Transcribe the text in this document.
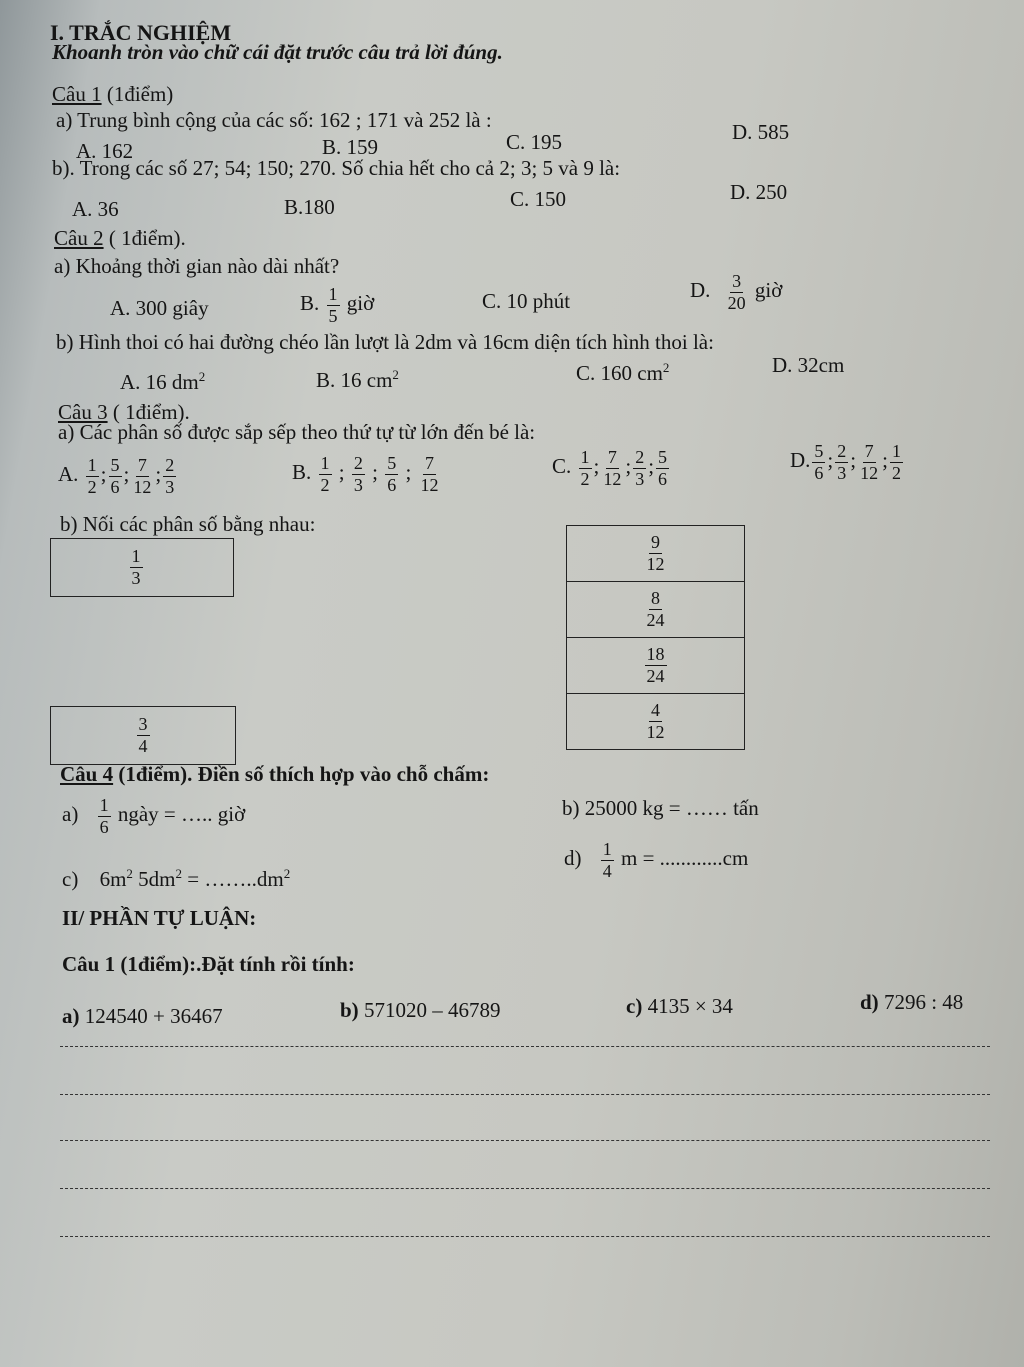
I. TRẮC NGHIỆM
Khoanh tròn vào chữ cái đặt trước câu trả lời đúng.
Câu 1 (1điểm)
a) Trung bình cộng của các số: 162 ; 171 và 252 là :
A. 162	B. 159	C. 195	D. 585
b). Trong các số 27; 54; 150; 270. Số chia hết cho cả 2; 3; 5 và 9 là:
A. 36	B.180	C. 150	D. 250
Câu 2 ( 1điểm).
a) Khoảng thời gian nào dài nhất?
A. 300 giây	B. $\frac{1}{5}$ giờ	C. 10 phút	D. $\frac{3}{20}$ giờ
b) Hình thoi có hai đường chéo lần lượt là 2dm và 16cm diện tích hình thoi là:
A. 16 $dm^2$	B. 16 $cm^2$	C. 160 $cm^2$	D. 32cm
Câu 3 ( 1điểm).
a) Các phân số được sắp sếp theo thứ tự từ lớn đến bé là:
A. $\frac{1}{2}$ ; $\frac{5}{6}$ ; $\frac{7}{12}$ ; $\frac{2}{3}$	B. $\frac{1}{2}$ ; $\frac{2}{3}$ ; $\frac{5}{6}$ ; $\frac{7}{12}$	C. $\frac{1}{2}$ ; $\frac{7}{12}$ ; $\frac{2}{3}$ ; $\frac{5}{6}$	D. $\frac{5}{6}$ ; $\frac{2}{3}$ ; $\frac{7}{12}$ ; $\frac{1}{2}$
b) Nối các phân số bằng nhau:
$\frac{1}{3}$
$\frac{3}{4}$
$\frac{9}{12}$
$\frac{8}{24}$
$\frac{18}{24}$
$\frac{4}{12}$
Câu 4 (1điểm). Điền số thích hợp vào chỗ chấm:
$a) \frac{1}{6}$ ngày = ….. giờ	b) 25000 kg = …… tấn
c) $6m^2$ $5dm^2$ = $\dots\dots..dm^2$
$d) \frac{1}{4}$ m = ............cm
II/ PHẦN TỰ LUẬN:
Câu 1 (1điểm):.Đặt tính rồi tính:
a) 124540 + 36467	b) 571020 – 46789	c) 4135 × 34	d) 7296 : 48
